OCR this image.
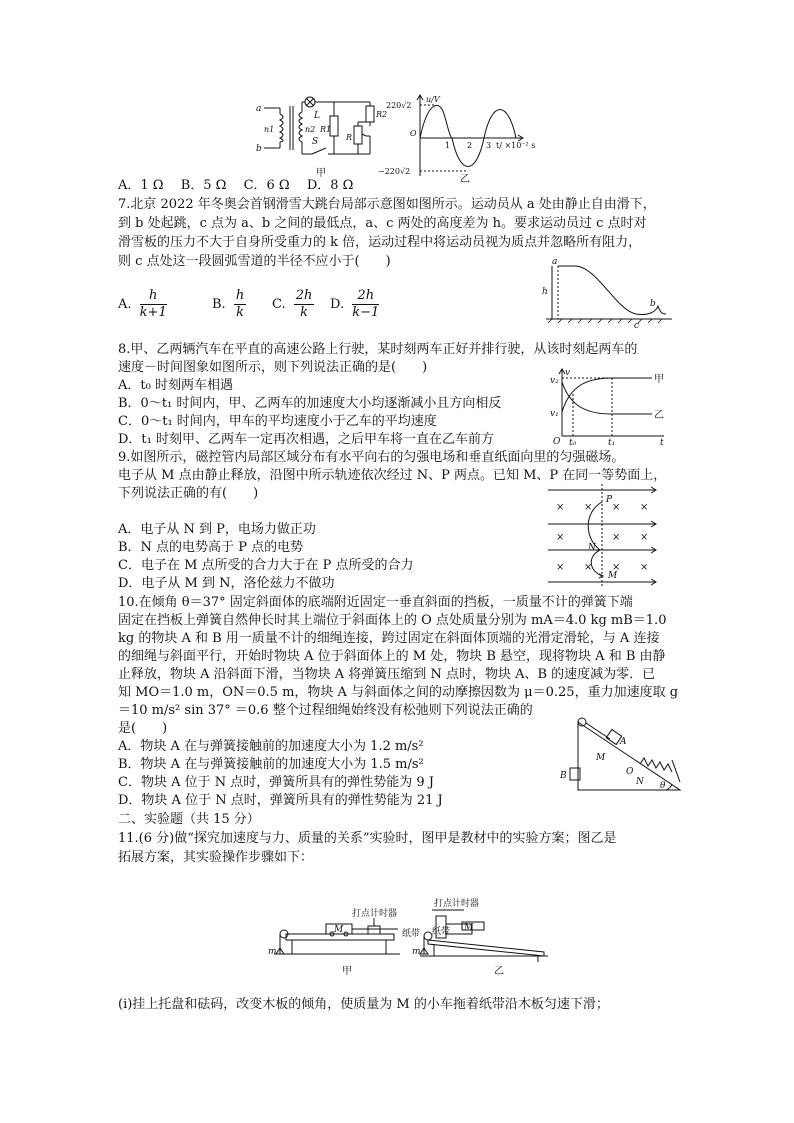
a
b
n1	n2
L
S
R1
R2
R
u/V
220√2
−220√2
O
1 2 3 t/ ×10⁻² s
甲
乙
A．1 Ω　 B．5 Ω　 C．6 Ω　 D．8 Ω
7.北京 2022 年冬奥会首钢滑雪大跳台局部示意图如图所示。运动员从 a 处由静止自由滑下，
到 b 处起跳，c 点为 a、b 之间的最低点，a、c 两处的高度差为 h。要求运动员过 c 点时对
滑雪板的压力不大于自身所受重力的 k 倍，运动过程中将运动员视为质点并忽略所有阻力，
则 c 点处这一段圆弧雪道的半径不应小于(　　)
A. $\frac{h}{k+1}$	B. $\frac{h}{k} C$. $\frac{2h}{k} D$. $\frac{2h}{k-1}$
a
h
b
c
8.甲、乙两辆汽车在平直的高速公路上行驶，某时刻两车正好并排行驶，从该时刻起两车的
速度－时间图象如图所示，则下列说法正确的是(　　)
A．t₀ 时刻两车相遇
B．0～t₁ 时间内，甲、乙两车的加速度大小均逐渐减小且方向相反
C．0～t₁ 时间内，甲车的平均速度小于乙车的平均速度
D．t₁ 时刻甲、乙两车一定再次相遇，之后甲车将一直在乙车前方
v
v₂
v₁
O t₀	t₁	t
甲
乙
9.如图所示，磁控管内局部区域分布有水平向右的匀强电场和垂直纸面向里的匀强磁场。
电子从 M 点由静止释放，沿图中所示轨迹依次经过 N、P 两点。已知 M、P 在同一等势面上，
下列说法正确的有(　　)
A．电子从 N 到 P，电场力做正功
B．N 点的电势高于 P 点的电势
C．电子在 M 点所受的合力大于在 P 点所受的合力
D．电子从 M 到 N，洛伦兹力不做功
× × × ×
×	× ×
× × × ×
P
N
M
10.在倾角 θ＝37° 固定斜面体的底端附近固定一垂直斜面的挡板，一质量不计的弹簧下端
固定在挡板上弹簧自然伸长时其上端位于斜面体上的 O 点处质量分别为 mA＝4.0 kg mB＝1.0
kg 的物块 A 和 B 用一质量不计的细绳连接，跨过固定在斜面体顶端的光滑定滑轮，与 A 连接
的细绳与斜面平行，开始时物块 A 位于斜面体上的 M 处，物块 B 悬空，现将物块 A 和 B 由静
止释放，物块 A 沿斜面下滑，当物块 A 将弹簧压缩到 N 点时，物块 A、B 的速度减为零．已
知 MO＝1.0 m，ON＝0.5 m，物块 A 与斜面体之间的动摩擦因数为 μ＝0.25，重力加速度取 g
＝10 m/s² sin 37° ＝0.6 整个过程细绳始终没有松弛则下列说法正确的
是(　　)
A．物块 A 在与弹簧接触前的加速度大小为 1.2 m/s²
B．物块 A 在与弹簧接触前的加速度大小为 1.5 m/s²
C．物块 A 位于 N 点时，弹簧所具有的弹性势能为 9 J
D．物块 A 位于 N 点时，弹簧所具有的弹性势能为 21 J
A
B
M
O
N θ
二、实验题（共 15 分）
11.(6 分)做“探究加速度与力、质量的关系”实验时，图甲是教材中的实验方案；图乙是
拓展方案，其实验操作步骤如下：
打点计时器
M	纸带
m
打点计时器
M
纸带
m
甲	乙
(ⅰ)挂上托盘和砝码，改变木板的倾角，使质量为 M 的小车拖着纸带沿木板匀速下滑；
